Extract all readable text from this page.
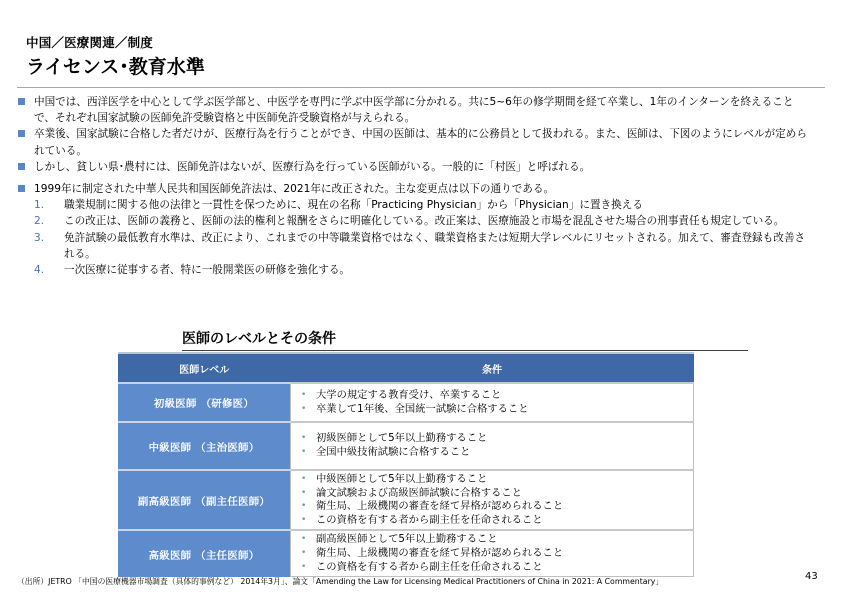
中国／医療関連／制度
ライセンス･教育水準
中国では、西洋医学を中心として学ぶ医学部と、中医学を専門に学ぶ中医学部に分かれる。共に5~6年の修学期間を経て卒業し、1年のインターンを終えることで、それぞれ国家試験の医師免許受験資格と中医師免許受験資格が与えられる。
卒業後、国家試験に合格した者だけが、医療行為を行うことができ、中国の医師は、基本的に公務員として扱われる。また、医師は、下図のようにレベルが定められている。
しかし、貧しい県･農村には、医師免許はないが、医療行為を行っている医師がいる。一般的に「村医」と呼ばれる。
1999年に制定された中華人民共和国医師免許法は、2021年に改正された。主な変更点は以下の通りである。
1.	職業規制に関する他の法律と一貫性を保つために、現在の名称「Practicing Physician」から「Physician」に置き換える
2.	この改正は、医師の義務と、医師の法的権利と報酬をさらに明確化している。改正案は、医療施設と市場を混乱させた場合の刑事責任も規定している。
3.	免許試験の最低教育水準は、改正により、これまでの中等職業資格ではなく、職業資格または短期大学レベルにリセットされる。加えて、審査登録も改善される。
4.	一次医療に従事する者、特に一般開業医の研修を強化する。
医師のレベルとその条件
医師レベル	条件
初級医師 （研修医）	
• 大学の規定する教育受け、卒業すること
• 卒業して1年後、全国統一試験に合格すること

中級医師 （主治医師）	
• 初級医師として5年以上勤務すること
• 全国中級技術試験に合格すること

副高級医師 （副主任医師）	
• 中級医師として5年以上勤務すること
• 論文試験および高級医師試験に合格すること
• 衛生局、上級機関の審査を経て昇格が認められること
• この資格を有する者から副主任を任命されること

高級医師 （主任医師）	
• 副高級医師として5年以上勤務すること
• 衛生局、上級機関の審査を経て昇格が認められること
• この資格を有する者から副主任を任命されること
（出所）JETRO 「中国の医療機器市場調査（具体的事例など） 2014年3月」、論文「Amending the Law for Licensing Medical Practitioners of China in 2021: A Commentary」	43
